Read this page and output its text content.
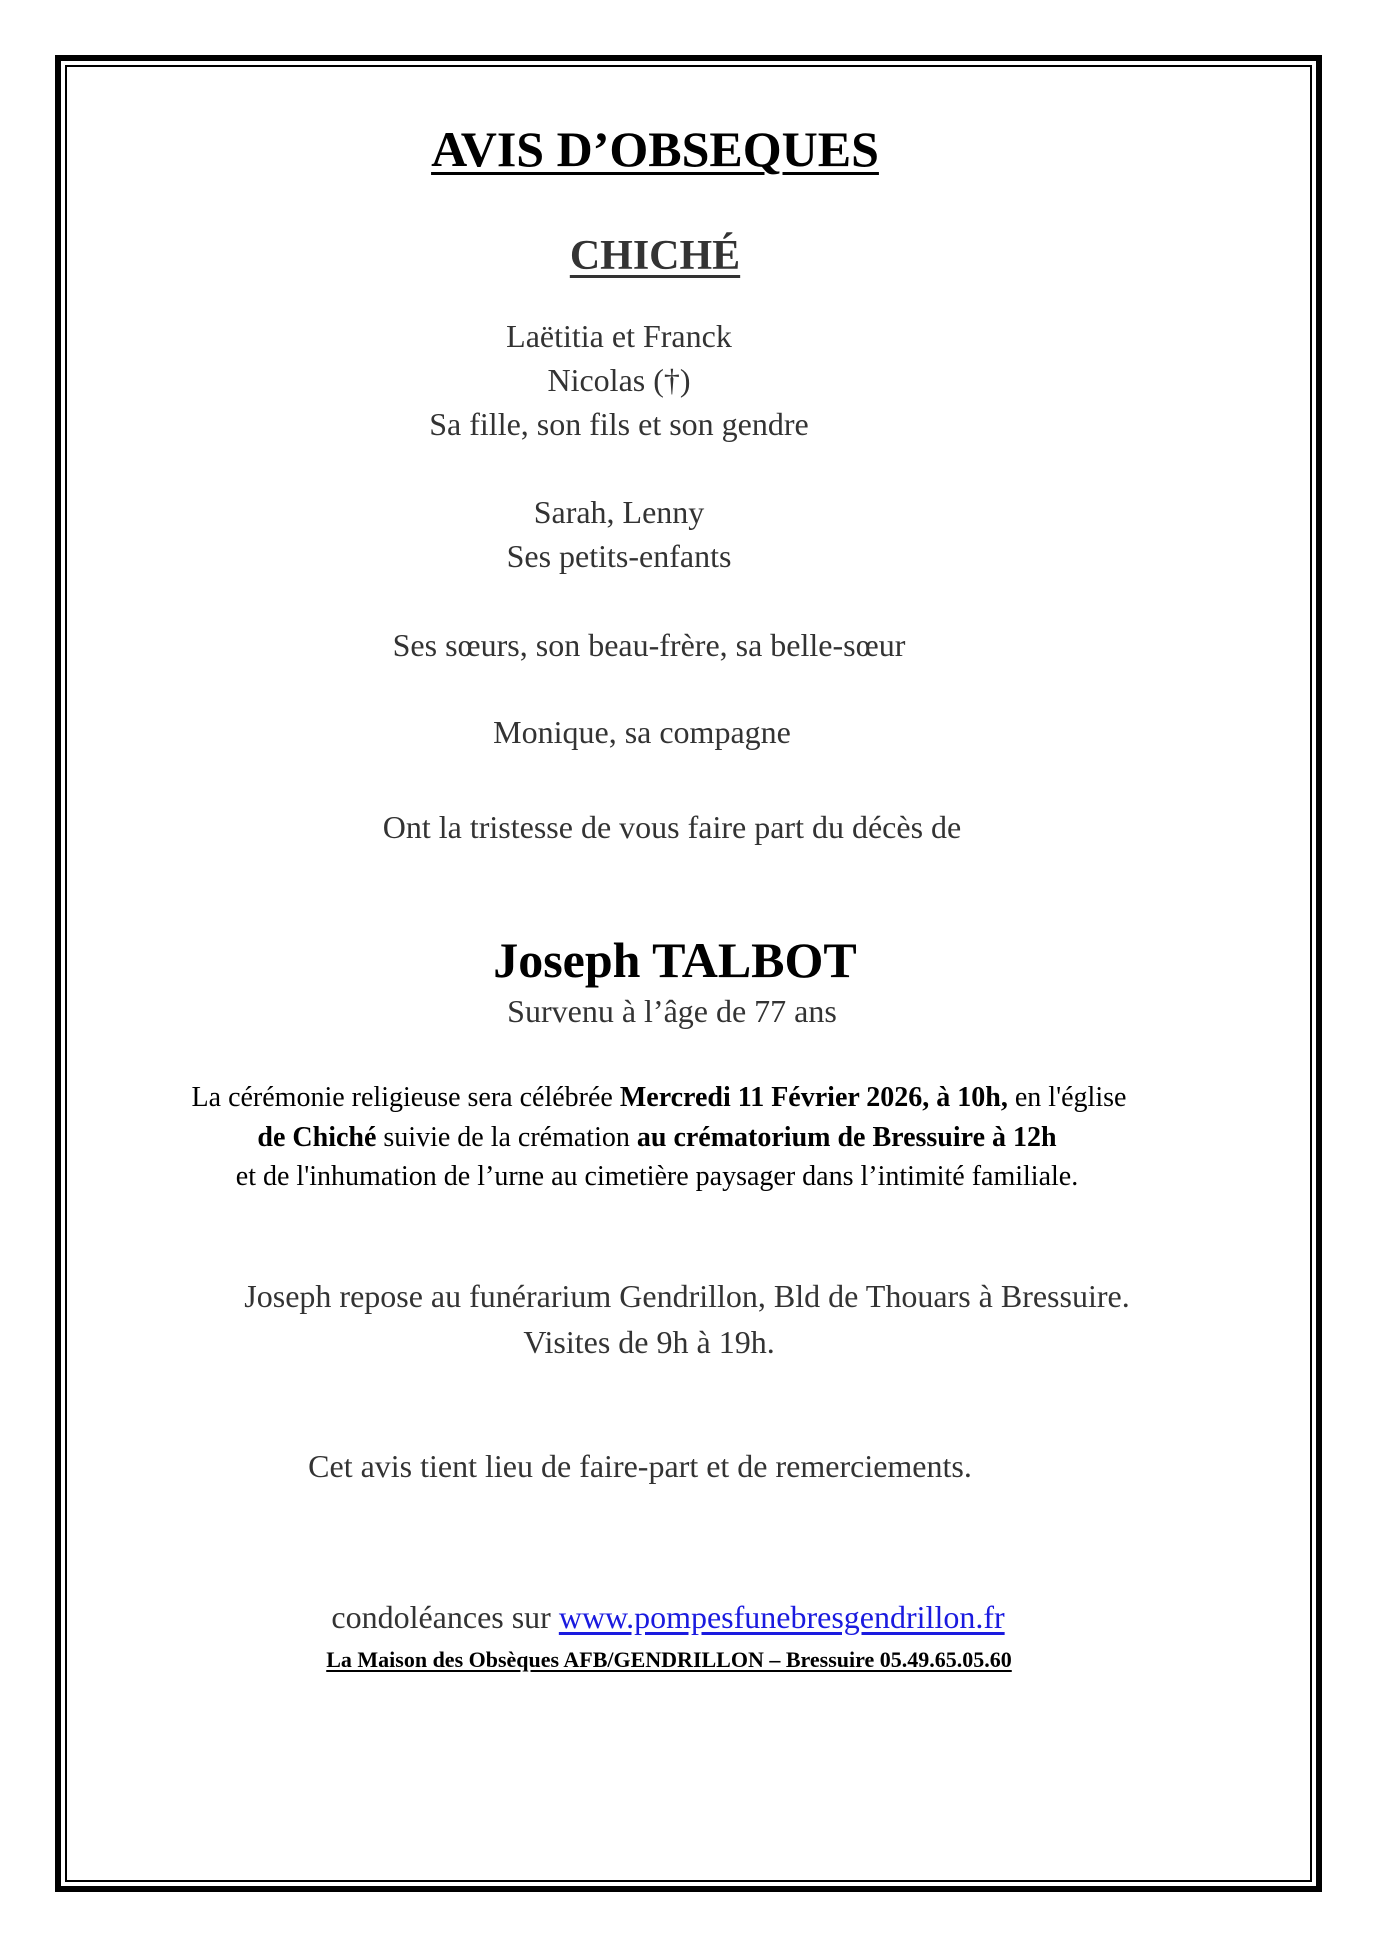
AVIS D’OBSEQUES
CHICHÉ
Laëtitia et Franck
Nicolas (†)
Sa fille, son fils et son gendre
Sarah, Lenny
Ses petits-enfants
Ses sœurs, son beau-frère, sa belle-sœur
Monique, sa compagne
Ont la tristesse de vous faire part du décès de
Joseph TALBOT
Survenu à l’âge de 77 ans
La cérémonie religieuse sera célébrée Mercredi 11 Février 2026, à 10h, en l'église
de Chiché suivie de la crémation au crématorium de Bressuire à 12h
et de l'inhumation de l’urne au cimetière paysager dans l’intimité familiale.
Joseph repose au funérarium Gendrillon, Bld de Thouars à Bressuire.
Visites de 9h à 19h.
Cet avis tient lieu de faire-part et de remerciements.
condoléances sur www.pompesfunebresgendrillon.fr
La Maison des Obsèques AFB/GENDRILLON – Bressuire 05.49.65.05.60
